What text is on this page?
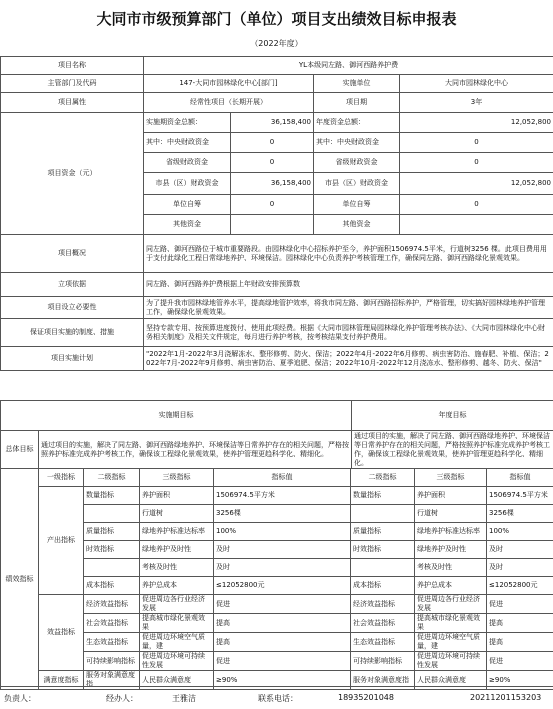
大同市市级预算部门（单位）项目支出绩效目标申报表
（2022年度）
项目名称	YL本级同左路、御河西路养护费			
主管部门及代码	147-大同市园林绿化中心[部门]		实施单位	大同市园林绿化中心
项目属性	经常性项目（长期开展）		项目期	3年
项目资金（元）	实施期资金总额：	36,158,400	年度资金总额：	12,052,800
	其中：中央财政资金	0	其中：中央财政资金	0
	省级财政资金	0	省级财政资金	0
	市县（区）财政资金	36,158,400	市县（区）财政资金	12,052,800
	单位自筹	0	单位自筹	0
	其他资金		其他资金	
项目概况	同左路、御河西路位于城市重要路段。由园林绿化中心招标养护至今，养护面积1506974.5平米，行道树3256 棵。此项目费用用于支付此绿化工程日常绿地养护、环境保洁。园林绿化中心负责养护考核管理工作，确保同左路、御河西路绿化景观效果。			
立项依据	同左路、御河西路养护费根据上年财政安排预算数			
项目设立必要性	为了提升我市园林绿地管养水平，提高绿地管护效率，将我市同左路、御河西路招标养护，严格管理，切实搞好园林绿地养护管理工作，确保绿化景观效果。			
保证项目实施的制度、措施	坚持专款专用、按预算进度拨付、使用此项经费。根据《大同市园林管理局园林绿化养护管理考核办法》、《大同市园林绿化中心财务相关制度》及相关文件规定，每月进行养护考核，按考核结果支付养护费用。			
项目实施计划	"2022年1月-2022年3月浇解冻水、整形修剪、防火、保洁；2022年4月-2022年6月修剪、病虫害防治、施春肥、补植、保洁；2022年7月-2022年9月修剪、病虫害防治、夏季追肥、保洁；2022年10月-2022年12月浇冻水、整形修剪、越冬、防火、保洁"			
实施期目标		年度目标
总体目标	通过项目的实施，解决了同左路、御河西路绿地养护、环境保洁等日常养护存在的相关问题，严格按照养护标准完成养护考核工作，确保该工程绿化景观效果，使养护管理更趋科学化、精细化。	通过项目的实施，解决了同左路、御河西路绿地养护、环境保洁等日常养护存在的相关问题，严格按照养护标准完成养护考核工作，确保该工程绿化景观效果，使养护管理更趋科学化、精细化。
绩效指标	一级指标	二级指标	三级指标	指标值	二级指标	三级指标	指标值
	产出指标	数量指标	养护面积	1506974.5平方米	数量指标	养护面积	1506974.5平方米
			行道树	3256棵		行道树	3256棵
		质量指标	绿地养护标准达标率	100%	质量指标	绿地养护标准达标率	100%
		时效指标	绿地养护及时性	及时	时效指标	绿地养护及时性	及时
			考核及时性	及时		考核及时性	及时
		成本指标	养护总成本	≤12052800元	成本指标	养护总成本	≤12052800元
	效益指标	经济效益指标	促进周边各行业经济发展	促进	经济效益指标	促进周边各行业经济发展	促进
		社会效益指标	提高城市绿化景观效果	提高	社会效益指标	提高城市绿化景观效果	提高
		生态效益指标	促进周边环境空气质量，建	提高	生态效益指标	促进周边环境空气质量，建	提高
		可持续影响指标	促进周边环境可持续性发展	促进	可持续影响指标	促进周边环境可持续性发展	促进
	满意度指标	服务对象满意度指	人民群众满意度	≥90%	服务对象满意度指	人民群众满意度	≥90%
负责人：	经办人：	王雅洁	联系电话：	18935201048	20211201153203
